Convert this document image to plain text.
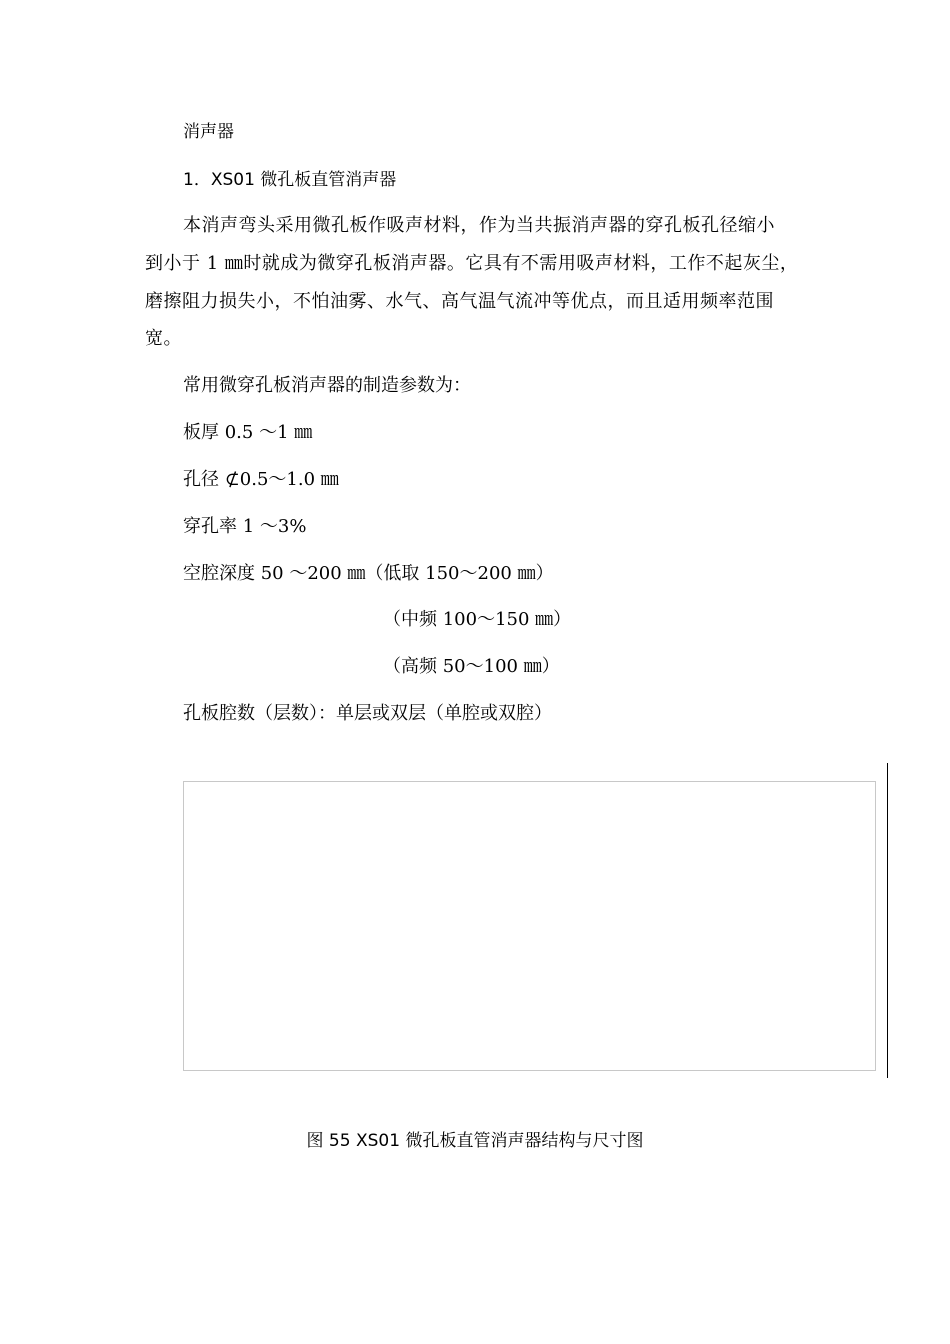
消声器
1．XS01 微孔板直管消声器
本消声弯头采用微孔板作吸声材料，作为当共振消声器的穿孔板孔径缩小
到小于 1 ㎜时就成为微穿孔板消声器。它具有不需用吸声材料，工作不起灰尘，
磨擦阻力损失小，不怕油雾、水气、高气温气流冲等优点，而且适用频率范围
宽。
常用微穿孔板消声器的制造参数为：
板厚 0.5 ～1 ㎜
孔径 ⊄0.5～1.0 ㎜
穿孔率 1 ～3%
空腔深度 50 ～200 ㎜（低取 150～200 ㎜）
（中频 100～150 ㎜）
（高频 50～100 ㎜）
孔板腔数（层数）：单层或双层（单腔或双腔）
图 55 XS01 微孔板直管消声器结构与尺寸图
